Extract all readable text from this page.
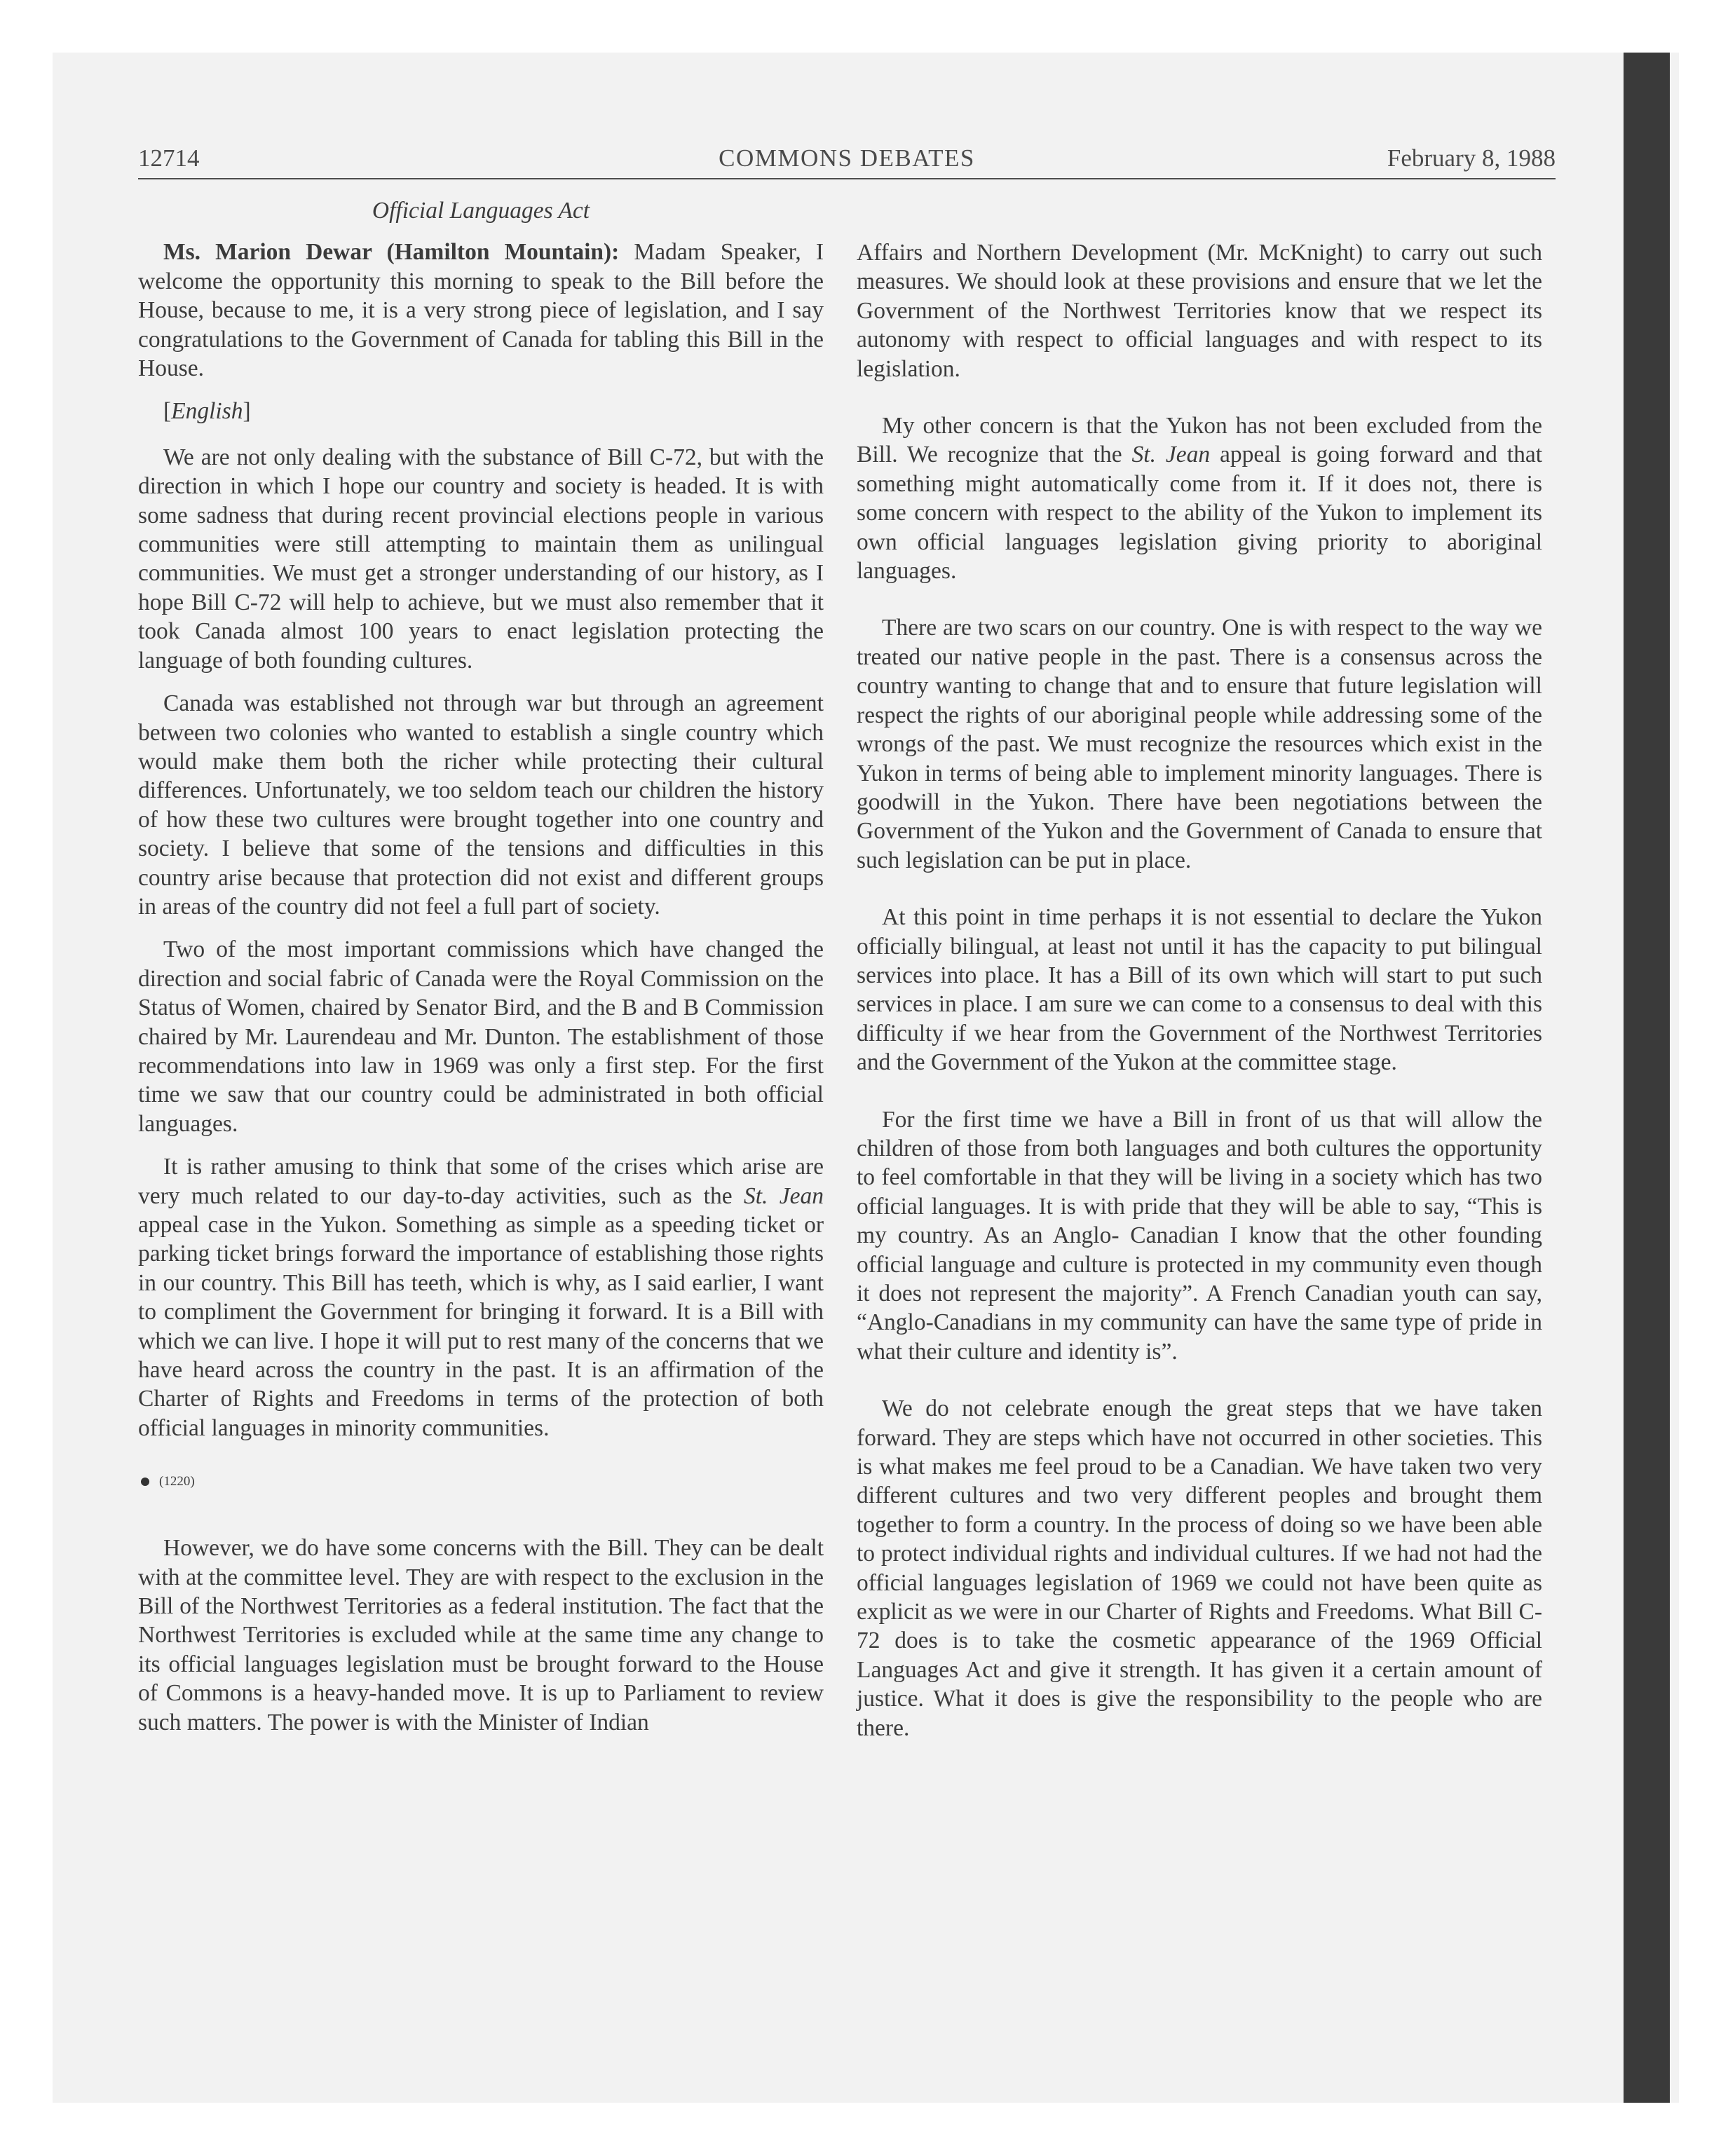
12714	COMMONS DEBATES	February 8, 1988
Official Languages Act
Ms. Marion Dewar (Hamilton Mountain): Madam Speaker, I welcome the opportunity this morning to speak to the Bill before the House, because to me, it is a very strong piece of legislation, and I say congratulations to the Government of Canada for tabling this Bill in the House.
[English]
We are not only dealing with the substance of Bill C-72, but with the direction in which I hope our country and society is headed. It is with some sadness that during recent provincial elections people in various communities were still attempting to maintain them as unilingual communities. We must get a stronger understanding of our history, as I hope Bill C-72 will help to achieve, but we must also remember that it took Canada almost 100 years to enact legislation protecting the language of both founding cultures.
Canada was established not through war but through an agreement between two colonies who wanted to establish a single country which would make them both the richer while protecting their cultural differences. Unfortunately, we too seldom teach our children the history of how these two cultures were brought together into one country and society. I believe that some of the tensions and difficulties in this country arise because that protection did not exist and different groups in areas of the country did not feel a full part of society.
Two of the most important commissions which have changed the direction and social fabric of Canada were the Royal Commission on the Status of Women, chaired by Senator Bird, and the B and B Commission chaired by Mr. Laurendeau and Mr. Dunton. The establishment of those recommendations into law in 1969 was only a first step. For the first time we saw that our country could be administrated in both official languages.
It is rather amusing to think that some of the crises which arise are very much related to our day-to-day activities, such as the St. Jean appeal case in the Yukon. Something as simple as a speeding ticket or parking ticket brings forward the importance of establishing those rights in our country. This Bill has teeth, which is why, as I said earlier, I want to compliment the Government for bringing it forward. It is a Bill with which we can live. I hope it will put to rest many of the concerns that we have heard across the country in the past. It is an affirmation of the Charter of Rights and Freedoms in terms of the protection of both official languages in minority communities.
(1220)
However, we do have some concerns with the Bill. They can be dealt with at the committee level. They are with respect to the exclusion in the Bill of the Northwest Territories as a federal institution. The fact that the Northwest Territories is excluded while at the same time any change to its official languages legislation must be brought forward to the House of Commons is a heavy-handed move. It is up to Parliament to review such matters. The power is with the Minister of Indian
Affairs and Northern Development (Mr. McKnight) to carry out such measures. We should look at these provisions and ensure that we let the Government of the Northwest Territories know that we respect its autonomy with respect to official languages and with respect to its legislation.
My other concern is that the Yukon has not been excluded from the Bill. We recognize that the St. Jean appeal is going forward and that something might automatically come from it. If it does not, there is some concern with respect to the ability of the Yukon to implement its own official languages legislation giving priority to aboriginal languages.
There are two scars on our country. One is with respect to the way we treated our native people in the past. There is a consensus across the country wanting to change that and to ensure that future legislation will respect the rights of our aboriginal people while addressing some of the wrongs of the past. We must recognize the resources which exist in the Yukon in terms of being able to implement minority languages. There is goodwill in the Yukon. There have been negotiations between the Government of the Yukon and the Government of Canada to ensure that such legislation can be put in place.
At this point in time perhaps it is not essential to declare the Yukon officially bilingual, at least not until it has the capacity to put bilingual services into place. It has a Bill of its own which will start to put such services in place. I am sure we can come to a consensus to deal with this difficulty if we hear from the Government of the Northwest Territories and the Government of the Yukon at the committee stage.
For the first time we have a Bill in front of us that will allow the children of those from both languages and both cultures the opportunity to feel comfortable in that they will be living in a society which has two official languages. It is with pride that they will be able to say, “This is my country. As an Anglo- Canadian I know that the other founding official language and culture is protected in my community even though it does not represent the majority”. A French Canadian youth can say, “Anglo-Canadians in my community can have the same type of pride in what their culture and identity is”.
We do not celebrate enough the great steps that we have taken forward. They are steps which have not occurred in other societies. This is what makes me feel proud to be a Canadian. We have taken two very different cultures and two very different peoples and brought them together to form a country. In the process of doing so we have been able to protect individual rights and individual cultures. If we had not had the official languages legislation of 1969 we could not have been quite as explicit as we were in our Charter of Rights and Freedoms. What Bill C-72 does is to take the cosmetic appearance of the 1969 Official Languages Act and give it strength. It has given it a certain amount of justice. What it does is give the responsibility to the people who are there.
